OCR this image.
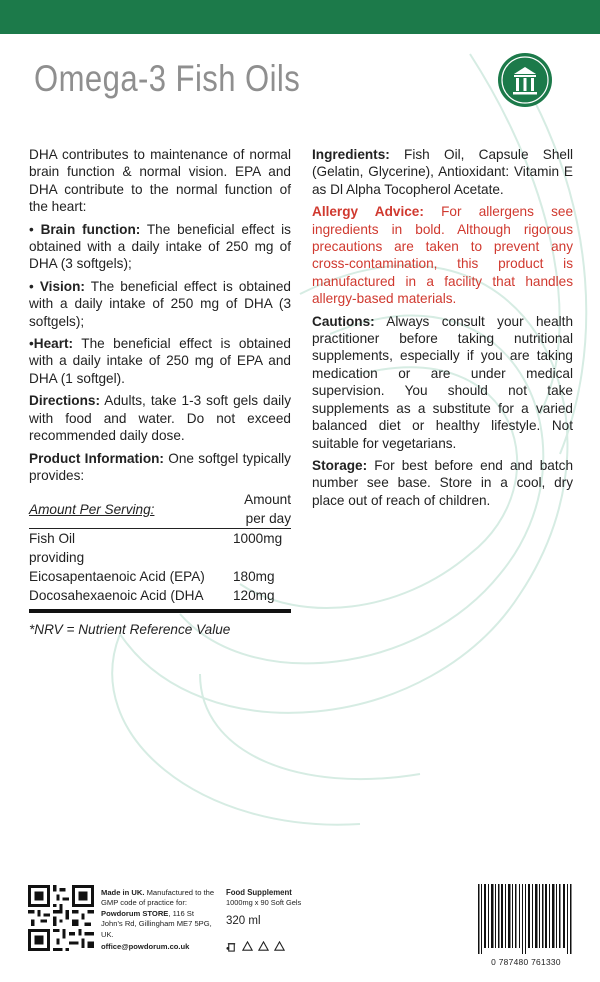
Omega-3 Fish Oils

DHA contributes to maintenance of normal brain function & normal vision. EPA and DHA contribute to the normal function of the heart:

• Brain function: The beneficial effect is obtained with a daily intake of 250 mg of DHA (3 softgels);

• Vision: The beneficial effect is obtained with a daily intake of 250 mg of DHA (3 softgels);

•Heart: The beneficial effect is obtained with a daily intake of 250 mg of EPA and DHA (1 softgel).

Directions: Adults, take 1-3 soft gels daily with food and water. Do not exceed recommended daily dose.

Product Information: One softgel typically provides:

Amount Per Serving:	Amount per day
Fish Oil	1000mg
providing	
Eicosapentaenoic Acid (EPA)	180mg
Docosahexaenoic Acid (DHA	120mg
*NRV = Nutrient Reference Value

Ingredients: Fish Oil, Capsule Shell (Gelatin, Glycerine), Antioxidant: Vitamin E as Dl Alpha Tocopherol Acetate.

Allergy Advice: For allergens see ingredients in bold. Although rigorous precautions are taken to prevent any cross-contamination, this product is manufactured in a facility that handles allergy-based materials.

Cautions: Always consult your health practitioner before taking nutritional supplements, especially if you are taking medication or are under medical supervision. You should not take supplements as a substitute for a varied balanced diet or healthy lifestyle. Not suitable for vegetarians.

Storage: For best before end and batch number see base. Store in a cool, dry place out of reach of children.

Made in UK. Manufactured to the GMP code of practice for: Powdorum STORE, 116 St John's Rd, Gillingham ME7 5PG, UK.
office@powdorum.co.uk
Food Supplement
1000mg x 90 Soft Gels
320 ml
0 787480 761330
